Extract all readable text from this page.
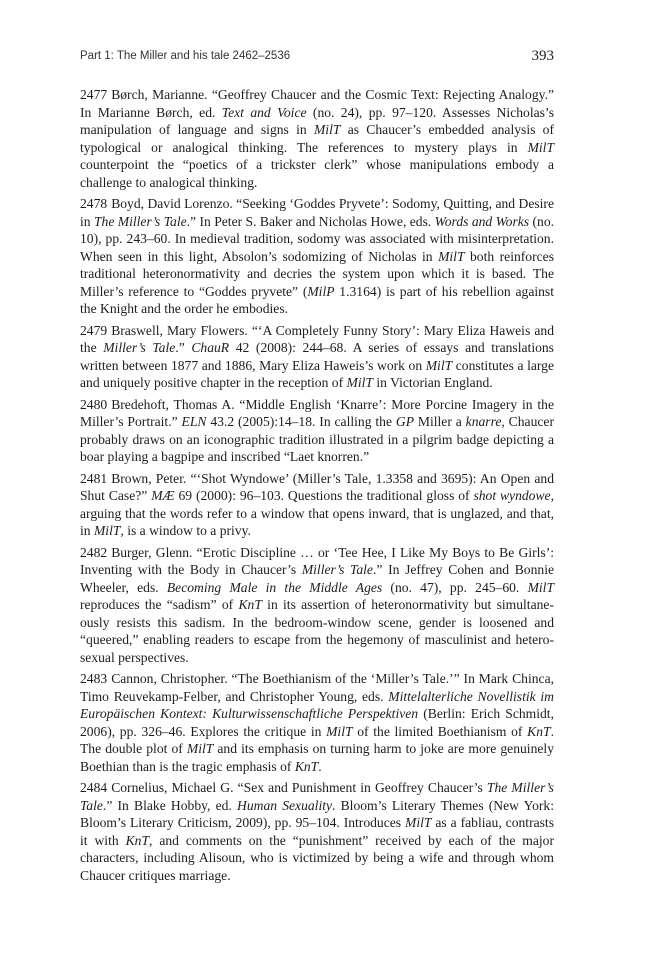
Part 1: The Miller and his tale 2462–2536	393

2477 Børch, Marianne. “Geoffrey Chaucer and the Cosmic Text: Rejecting Analogy.” In Marianne Børch, ed. Text and Voice (no. 24), pp. 97–120. Assesses Nicholas’s manipulation of language and signs in MilT as Chaucer’s embedded analysis of typological or analogical thinking. The references to mystery plays in MilT counterpoint the “poetics of a trickster clerk” whose manipulations embody a challenge to analogical thinking.

2478 Boyd, David Lorenzo. “Seeking ‘Goddes Pryvete’: Sodomy, Quitting, and Desire in The Miller’s Tale.” In Peter S. Baker and Nicholas Howe, eds. Words and Works (no. 10), pp. 243–60. In medieval tradition, sodomy was associated with misinterpretation. When seen in this light, Absolon’s sodomizing of Nicholas in MilT both reinforces traditional heteronormativity and decries the system upon which it is based. The Miller’s reference to “Goddes pryvete” (MilP 1.3164) is part of his rebellion against the Knight and the order he embodies.

2479 Braswell, Mary Flowers. “‘A Completely Funny Story’: Mary Eliza Haweis and the Miller’s Tale.” ChauR 42 (2008): 244–68. A series of essays and translations written between 1877 and 1886, Mary Eliza Haweis’s work on MilT constitutes a large and uniquely positive chapter in the reception of MilT in Victorian England.

2480 Bredehoft, Thomas A. “Middle English ‘Knarre’: More Porcine Imagery in the Miller’s Portrait.” ELN 43.2 (2005):14–18. In calling the GP Miller a knarre, Chaucer probably draws on an iconographic tradition illustrated in a pilgrim badge depicting a boar playing a bagpipe and inscribed “Laet knorren.”

2481 Brown, Peter. “‘Shot Wyndowe’ (Miller’s Tale, 1.3358 and 3695): An Open and Shut Case?” MÆ 69 (2000): 96–103. Questions the traditional gloss of shot wyndowe, arguing that the words refer to a window that opens inward, that is unglazed, and that, in MilT, is a window to a privy.

2482 Burger, Glenn. “Erotic Discipline … or ‘Tee Hee, I Like My Boys to Be Girls’: Inventing with the Body in Chaucer’s Miller’s Tale.” In Jeffrey Cohen and Bonnie Wheeler, eds. Becoming Male in the Middle Ages (no. 47), pp. 245–60. MilT reproduces the “sadism” of KnT in its assertion of heteronormativity but simultaneously resists this sadism. In the bedroom-window scene, gender is loosened and “queered,” enabling readers to escape from the hegemony of masculinist and heterosexual perspectives.

2483 Cannon, Christopher. “The Boethianism of the ‘Miller’s Tale.’” In Mark Chinca, Timo Reuvekamp-Felber, and Christopher Young, eds. Mittelalterliche Novellistik im Europäischen Kontext: Kulturwissenschaftliche Perspektiven (Berlin: Erich Schmidt, 2006), pp. 326–46. Explores the critique in MilT of the limited Boethianism of KnT. The double plot of MilT and its emphasis on turning harm to joke are more genuinely Boethian than is the tragic emphasis of KnT.

2484 Cornelius, Michael G. “Sex and Punishment in Geoffrey Chaucer’s The Miller’s Tale.” In Blake Hobby, ed. Human Sexuality. Bloom’s Literary Themes (New York: Bloom’s Literary Criticism, 2009), pp. 95–104. Introduces MilT as a fabliau, contrasts it with KnT, and comments on the “punishment” received by each of the major characters, including Alisoun, who is victimized by being a wife and through whom Chaucer critiques marriage.
